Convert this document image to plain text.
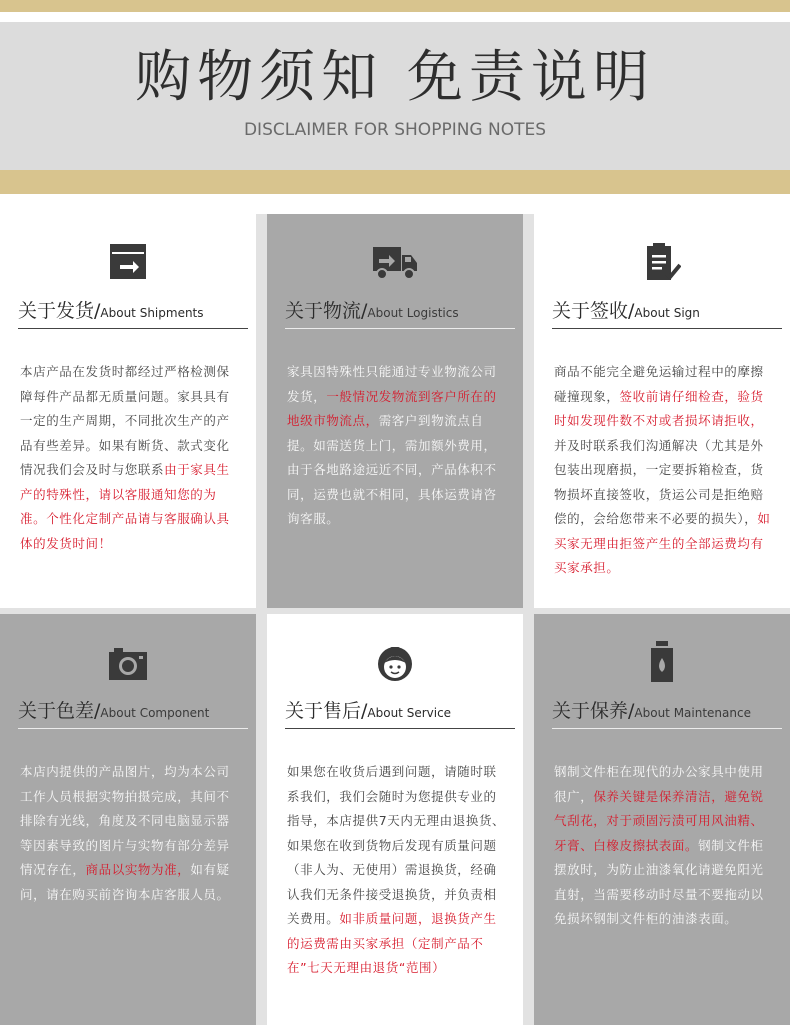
购物须知 免责说明
DISCLAIMER FOR SHOPPING NOTES
关于发货/About Shipments
本店产品在发货时都经过严格检测保障每件产品都无质量问题。家具具有一定的生产周期，不同批次生产的产品有些差异。如果有断货、款式变化情况我们会及时与您联系由于家具生产的特殊性，请以客服通知您的为准。个性化定制产品请与客服确认具体的发货时间！
关于物流/About Logistics
家具因特殊性只能通过专业物流公司发货，一般情况发物流到客户所在的地级市物流点，需客户到物流点自提。如需送货上门，需加额外费用，由于各地路途远近不同，产品体积不同，运费也就不相同，具体运费请咨询客服。
关于签收/About Sign
商品不能完全避免运输过程中的摩擦碰撞现象，签收前请仔细检查，验货时如发现件数不对或者损坏请拒收，并及时联系我们沟通解决（尤其是外包装出现磨损，一定要拆箱检查，货物损坏直接签收，货运公司是拒绝赔偿的，会给您带来不必要的损失），如买家无理由拒签产生的全部运费均有买家承担。
关于色差/About Component
本店内提供的产品图片，均为本公司工作人员根据实物拍摄完成，其间不排除有光线，角度及不同电脑显示器等因素导致的图片与实物有部分差异情况存在，商品以实物为准，如有疑问，请在购买前咨询本店客服人员。
关于售后/About Service
如果您在收货后遇到问题，请随时联系我们，我们会随时为您提供专业的指导，本店提供7天内无理由退换货、如果您在收到货物后发现有质量问题（非人为、无使用）需退换货，经确认我们无条件接受退换货，并负责相关费用。如非质量问题，退换货产生的运费需由买家承担（定制产品不在”七天无理由退货“范围）
关于保养/About Maintenance
钢制文件柜在现代的办公家具中使用很广，保养关键是保养清洁，避免锐气刮花，对于顽固污渍可用风油精、牙膏、白橡皮擦拭表面。钢制文件柜摆放时，为防止油漆氧化请避免阳光直射，当需要移动时尽量不要拖动以免损坏钢制文件柜的油漆表面。
